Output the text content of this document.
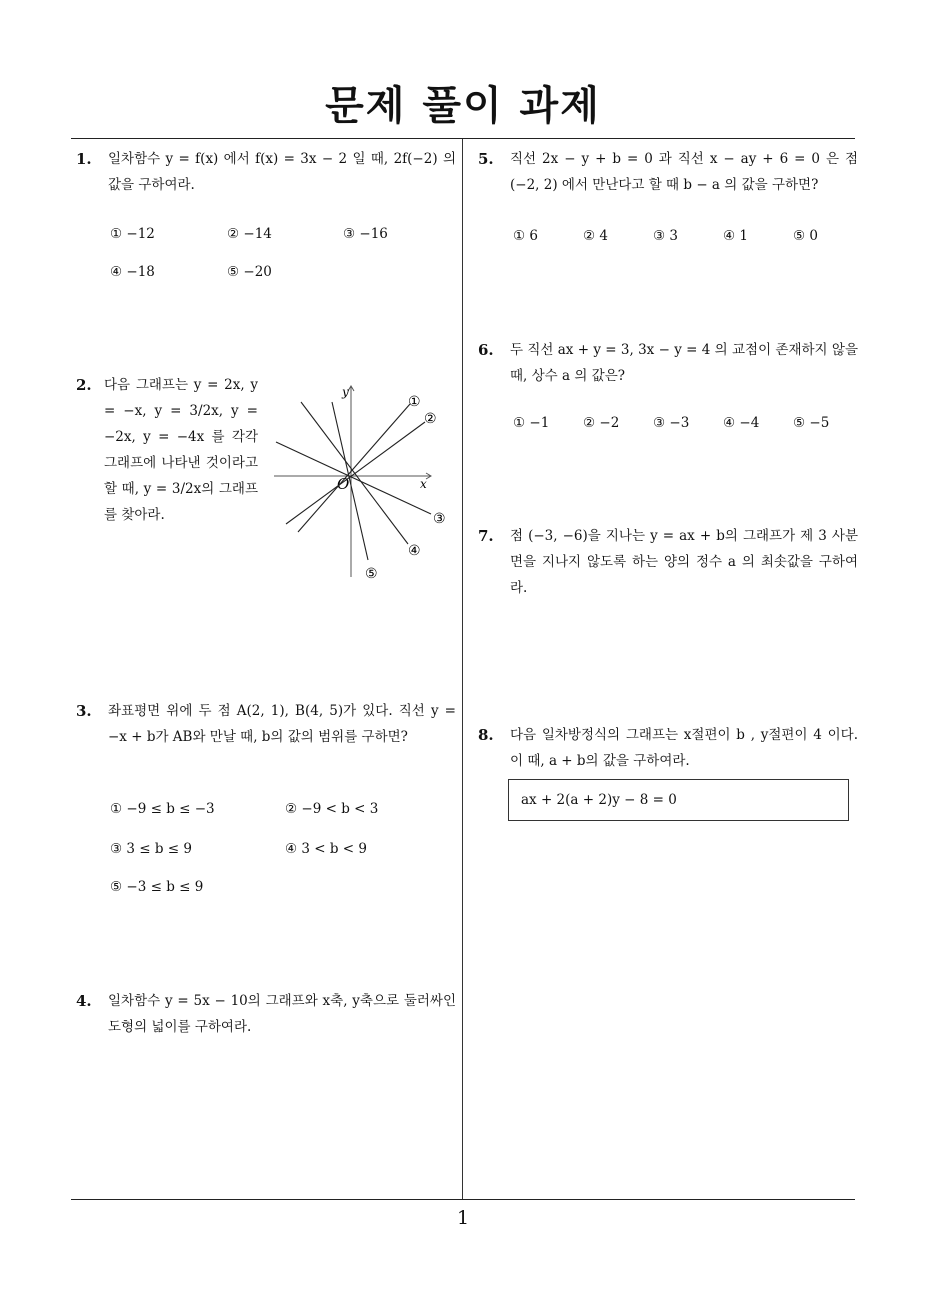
문제 풀이 과제
1. 일차함수 y = f(x) 에서 f(x) = 3x − 2 일 때, 2f(−2) 의 값을 구하여라.
① −12	② −14	③ −16
④ −18	⑤ −20
2. 다음 그래프는 y = 2x, y = −x, y = 3/2x, y = −2x, y = −4x 를 각각 그래프에 나타낸 것이라고 할 때, y = 3/2x의 그래프를 찾아라.
x
y
O
①
②
③
④
⑤
3. 좌표평면 위에 두 점 A(2, 1), B(4, 5)가 있다. 직선 y = −x + b가 AB와 만날 때, b의 값의 범위를 구하면?
① −9 ≤ b ≤ −3	② −9 < b < 3
③ 3 ≤ b ≤ 9	④ 3 < b < 9
⑤ −3 ≤ b ≤ 9
4. 일차함수 y = 5x − 10의 그래프와 x축, y축으로 둘러싸인 도형의 넓이를 구하여라.
5. 직선 2x − y + b = 0 과 직선 x − ay + 6 = 0 은 점 (−2, 2) 에서 만난다고 할 때 b − a 의 값을 구하면?
① 6	② 4	③ 3	④ 1	⑤ 0
6. 두 직선 ax + y = 3, 3x − y = 4 의 교점이 존재하지 않을 때, 상수 a 의 값은?
① −1 ② −2 ③ −3 ④ −4 ⑤ −5
7. 점 (−3, −6)을 지나는 y = ax + b의 그래프가 제 3 사분면을 지나지 않도록 하는 양의 정수 a 의 최솟값을 구하여라.
8. 다음 일차방정식의 그래프는 x절편이 b , y절편이 4 이다. 이 때, a + b의 값을 구하여라.
ax + 2(a + 2)y − 8 = 0
1
